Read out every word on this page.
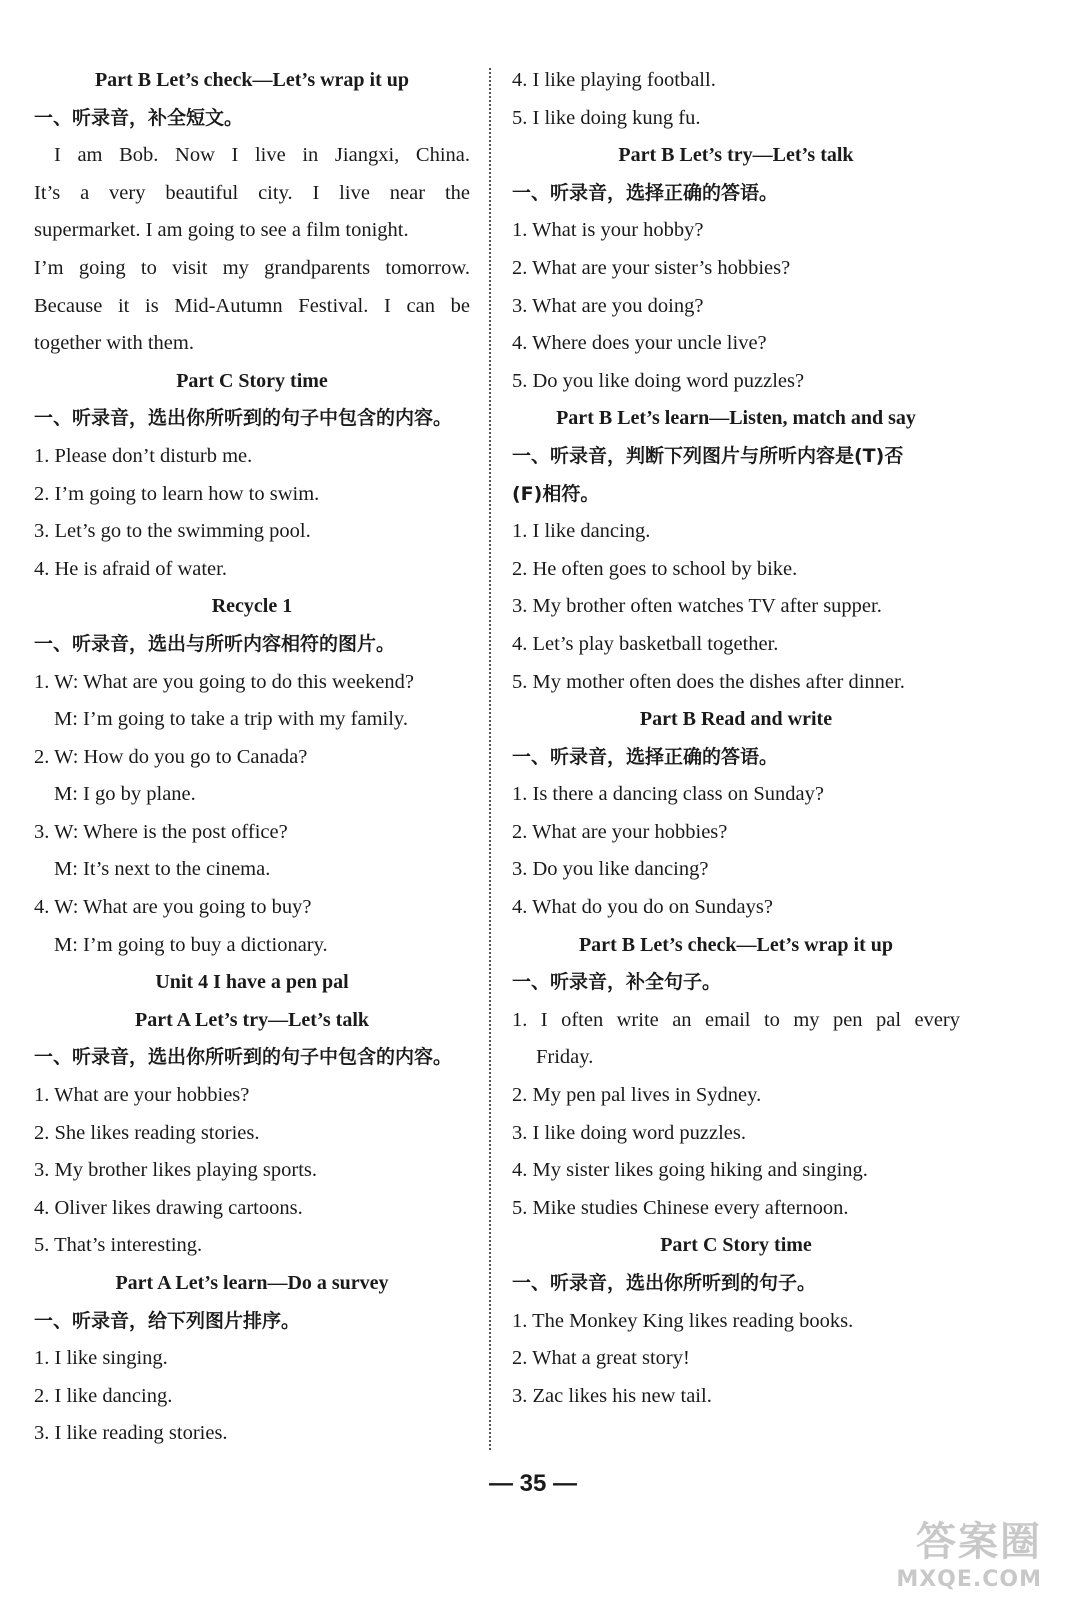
Part B Let’s check—Let’s wrap it up
一、听录音，补全短文。
I am Bob. Now I live in Jiangxi, China.
It’s a very beautiful city. I live near the
supermarket. I am going to see a film tonight.
I’m going to visit my grandparents tomorrow.
Because it is Mid-Autumn Festival. I can be
together with them.
Part C Story time
一、听录音，选出你所听到的句子中包含的内容。
1. Please don’t disturb me.
2. I’m going to learn how to swim.
3. Let’s go to the swimming pool.
4. He is afraid of water.
Recycle 1
一、听录音，选出与所听内容相符的图片。
1. W: What are you going to do this weekend?
M: I’m going to take a trip with my family.
2. W: How do you go to Canada?
M: I go by plane.
3. W: Where is the post office?
M: It’s next to the cinema.
4. W: What are you going to buy?
M: I’m going to buy a dictionary.
Unit 4 I have a pen pal
Part A Let’s try—Let’s talk
一、听录音，选出你所听到的句子中包含的内容。
1. What are your hobbies?
2. She likes reading stories.
3. My brother likes playing sports.
4. Oliver likes drawing cartoons.
5. That’s interesting.
Part A Let’s learn—Do a survey
一、听录音，给下列图片排序。
1. I like singing.
2. I like dancing.
3. I like reading stories.
4. I like playing football.
5. I like doing kung fu.
Part B Let’s try—Let’s talk
一、听录音，选择正确的答语。
1. What is your hobby?
2. What are your sister’s hobbies?
3. What are you doing?
4. Where does your uncle live?
5. Do you like doing word puzzles?
Part B Let’s learn—Listen, match and say
一、听录音，判断下列图片与所听内容是(T)否
(F)相符。
1. I like dancing.
2. He often goes to school by bike.
3. My brother often watches TV after supper.
4. Let’s play basketball together.
5. My mother often does the dishes after dinner.
Part B Read and write
一、听录音，选择正确的答语。
1. Is there a dancing class on Sunday?
2. What are your hobbies?
3. Do you like dancing?
4. What do you do on Sundays?
Part B Let’s check—Let’s wrap it up
一、听录音，补全句子。
1. I often write an email to my pen pal every
Friday.
2. My pen pal lives in Sydney.
3. I like doing word puzzles.
4. My sister likes going hiking and singing.
5. Mike studies Chinese every afternoon.
Part C Story time
一、听录音，选出你所听到的句子。
1. The Monkey King likes reading books.
2. What a great story!
3. Zac likes his new tail.
— 35 —
答案圈
MXQE.COM
